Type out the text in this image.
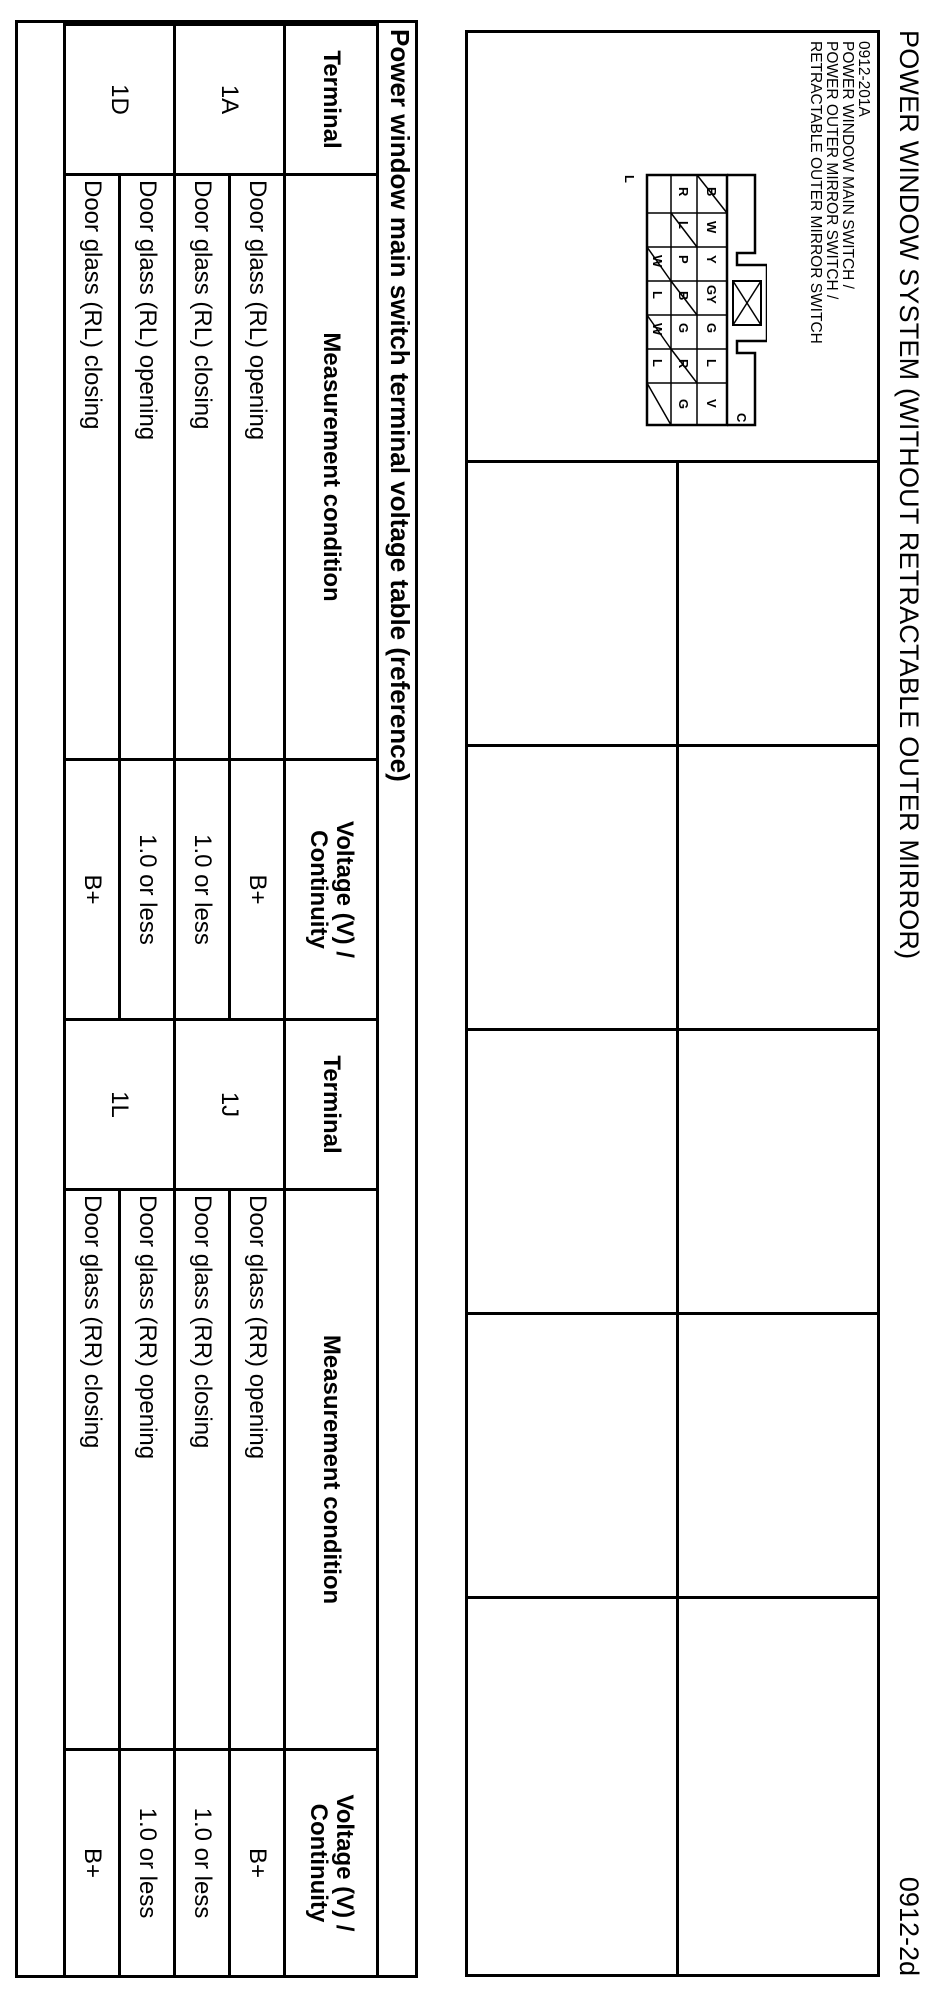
POWER WINDOW SYSTEM (WITHOUT RETRACTABLE OUTER MIRROR)
0912-2d
0912-201A
POWER WINDOW MAIN SWITCH /
POWER OUTER MIRROR SWITCH /
RETRACTABLE OUTER MIRROR SWITCH
B
W
Y
GY
G
L
V
R
L
P
B
G
R
G
W
L
W
L
L
C
Power window main switch terminal voltage table (reference)
Terminal	Measurement condition	Voltage (V) /
Continuity	Terminal	Measurement condition	Voltage (V) /
Continuity
1A	Door glass (RL) opening	B+	1J	Door glass (RR) opening	B+
	Door glass (RL) closing	1.0 or less		Door glass (RR) closing	1.0 or less
1D	Door glass (RL) opening	1.0 or less	1L	Door glass (RR) opening	1.0 or less
	Door glass (RL) closing	B+		Door glass (RR) closing	B+
